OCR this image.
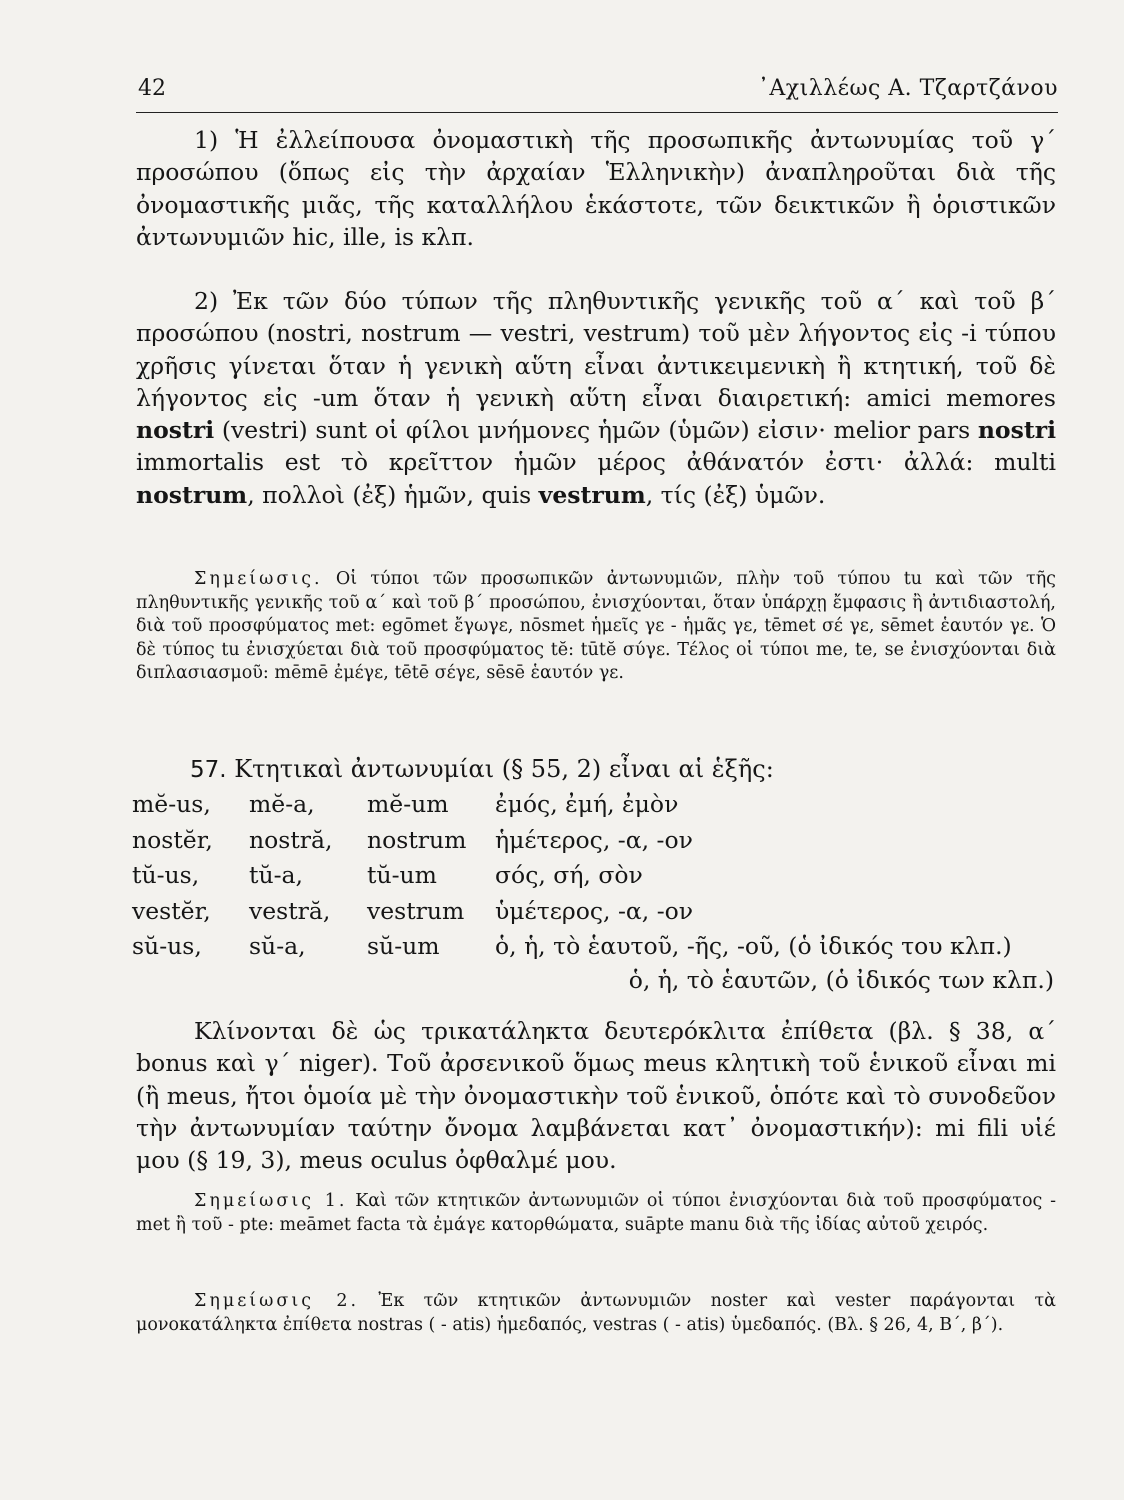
42	᾽Αχιλλέως Α. Τζαρτζάνου

1) Ἡ ἐλλείπουσα ὀνομαστικὴ τῆς προσωπικῆς ἀντωνυμίας τοῦ γ΄ προσώπου (ὅπως εἰς τὴν ἀρχαίαν Ἑλληνικὴν) ἀναπληροῦται διὰ τῆς ὀνομαστικῆς μιᾶς, τῆς καταλλήλου ἑκάστοτε, τῶν δεικτικῶν ἢ ὁριστικῶν ἀντωνυμιῶν hic, ille, is κλπ.

2) Ἐκ τῶν δύο τύπων τῆς πληθυντικῆς γενικῆς τοῦ α΄ καὶ τοῦ β΄ προσώπου (nostri, nostrum — vestri, vestrum) τοῦ μὲν λήγοντος εἰς -i τύπου χρῆσις γίνεται ὅταν ἡ γενικὴ αὕτη εἶναι ἀντικειμενικὴ ἢ κτητική, τοῦ δὲ λήγοντος εἰς -um ὅταν ἡ γενικὴ αὕτη εἶναι διαιρετική: amici memores nostri (vestri) sunt οἱ φίλοι μνήμονες ἡμῶν (ὑμῶν) εἰσιν· melior pars nostri immortalis est τὸ κρεῖττον ἡμῶν μέρος ἀθάνατόν ἐστι· ἀλλά: multi nostrum, πολλοὶ (ἐξ) ἡμῶν, quis vestrum, τίς (ἐξ) ὑμῶν.

Σημείωσις. Οἱ τύποι τῶν προσωπικῶν ἀντωνυμιῶν, πλὴν τοῦ τύπου tu καὶ τῶν τῆς πληθυντικῆς γενικῆς τοῦ α΄ καὶ τοῦ β΄ προσώπου, ἐνισχύονται, ὅταν ὑπάρχῃ ἔμφασις ἢ ἀντιδιαστολή, διὰ τοῦ προσφύματος met: egōmet ἔγωγε, nōsmet ἡμεῖς γε - ἡμᾶς γε, tēmet σέ γε, sēmet ἑαυτόν γε. Ὁ δὲ τύπος tu ἐνισχύεται διὰ τοῦ προσφύματος tĕ: tūtĕ σύγε. Τέλος οἱ τύποι me, te, se ἐνισχύονται διὰ διπλασιασμοῦ: mēmē ἐμέγε, tētē σέγε, sēsē ἑαυτόν γε.

57. Κτητικαὶ ἀντωνυμίαι (§ 55, 2) εἶναι αἱ ἑξῆς:

mĕ-us,	mĕ-a,	mĕ-um	ἐμός, ἐμή, ἐμὸν
nostĕr,	nostră,	nostrum	ἡμέτερος, -α, -ον
tŭ-us,	tŭ-a,	tŭ-um	σός, σή, σὸν
vestĕr,	vestră,	vestrum	ὑμέτερος, -α, -ον
sŭ-us,	sŭ-a,	sŭ-um	ὁ, ἡ, τὸ ἑαυτοῦ, -ῆς, -οῦ, (ὁ ἰδικός του κλπ.)

ὁ, ἡ, τὸ ἑαυτῶν, (ὁ ἰδικός των κλπ.)

Κλίνονται δὲ ὡς τρικατάληκτα δευτερόκλιτα ἐπίθετα (βλ. § 38, α΄ bonus καὶ γ΄ niger). Τοῦ ἀρσενικοῦ ὅμως meus κλητικὴ τοῦ ἑνικοῦ εἶναι mi (ἢ meus, ἤτοι ὁμοία μὲ τὴν ὀνομαστικὴν τοῦ ἑνικοῦ, ὁπότε καὶ τὸ συνοδεῦον τὴν ἀντωνυμίαν ταύτην ὄνομα λαμβάνεται κατ᾽ ὀνομαστικήν): mi fili υἱέ μου (§ 19, 3), meus oculus ὀφθαλμέ μου.

Σημείωσις 1. Καὶ τῶν κτητικῶν ἀντωνυμιῶν οἱ τύποι ἐνισχύονται διὰ τοῦ προσφύματος - met ἢ τοῦ - pte: meāmet facta τὰ ἐμάγε κατορθώματα, suāpte manu διὰ τῆς ἰδίας αὐτοῦ χειρός.

Σημείωσις 2. Ἐκ τῶν κτητικῶν ἀντωνυμιῶν noster καὶ vester παράγονται τὰ μονοκατάληκτα ἐπίθετα nostras ( - atis) ἡμεδαπός, vestras ( - atis) ὑμεδαπός. (Βλ. § 26, 4, Β΄, β΄).
